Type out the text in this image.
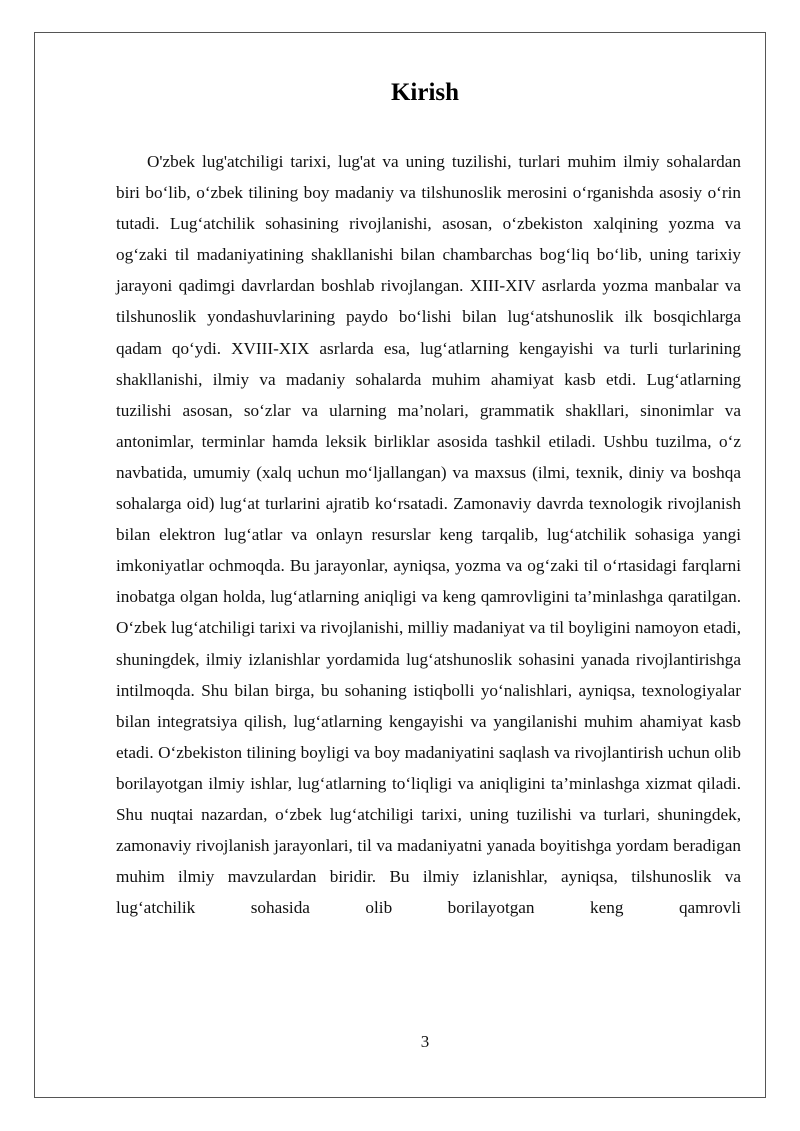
Kirish

O'zbek lug'atchiligi tarixi, lug'at va uning tuzilishi, turlari muhim ilmiy sohalardan biri bo‘lib, o‘zbek tilining boy madaniy va tilshunoslik merosini o‘rganishda asosiy o‘rin tutadi. Lug‘atchilik sohasining rivojlanishi, asosan, o‘zbekiston xalqining yozma va og‘zaki til madaniyatining shakllanishi bilan chambarchas bog‘liq bo‘lib, uning tarixiy jarayoni qadimgi davrlardan boshlab rivojlangan. XIII-XIV asrlarda yozma manbalar va tilshunoslik yondashuvlarining paydo bo‘lishi bilan lug‘atshunoslik ilk bosqichlarga qadam qo‘ydi. XVIII-XIX asrlarda esa, lug‘atlarning kengayishi va turli turlarining shakllanishi, ilmiy va madaniy sohalarda muhim ahamiyat kasb etdi. Lug‘atlarning tuzilishi asosan, so‘zlar va ularning ma’nolari, grammatik shakllari, sinonimlar va antonimlar, terminlar hamda leksik birliklar asosida tashkil etiladi. Ushbu tuzilma, o‘z navbatida, umumiy (xalq uchun mo‘ljallangan) va maxsus (ilmi, texnik, diniy va boshqa sohalarga oid) lug‘at turlarini ajratib ko‘rsatadi. Zamonaviy davrda texnologik rivojlanish bilan elektron lug‘atlar va onlayn resurslar keng tarqalib, lug‘atchilik sohasiga yangi imkoniyatlar ochmoqda. Bu jarayonlar, ayniqsa, yozma va og‘zaki til o‘rtasidagi farqlarni inobatga olgan holda, lug‘atlarning aniqligi va keng qamrovligini ta’minlashga qaratilgan. O‘zbek lug‘atchiligi tarixi va rivojlanishi, milliy madaniyat va til boyligini namoyon etadi, shuningdek, ilmiy izlanishlar yordamida lug‘atshunoslik sohasini yanada rivojlantirishga intilmoqda. Shu bilan birga, bu sohaning istiqbolli yo‘nalishlari, ayniqsa, texnologiyalar bilan integratsiya qilish, lug‘atlarning kengayishi va yangilanishi muhim ahamiyat kasb etadi. O‘zbekiston tilining boyligi va boy madaniyatini saqlash va rivojlantirish uchun olib borilayotgan ilmiy ishlar, lug‘atlarning to‘liqligi va aniqligini ta’minlashga xizmat qiladi. Shu nuqtai nazardan, o‘zbek lug‘atchiligi tarixi, uning tuzilishi va turlari, shuningdek, zamonaviy rivojlanish jarayonlari, til va madaniyatni yanada boyitishga yordam beradigan muhim ilmiy mavzulardan biridir. Bu ilmiy izlanishlar, ayniqsa, tilshunoslik va lug‘atchilik sohasida olib borilayotgan keng qamrovli

3
